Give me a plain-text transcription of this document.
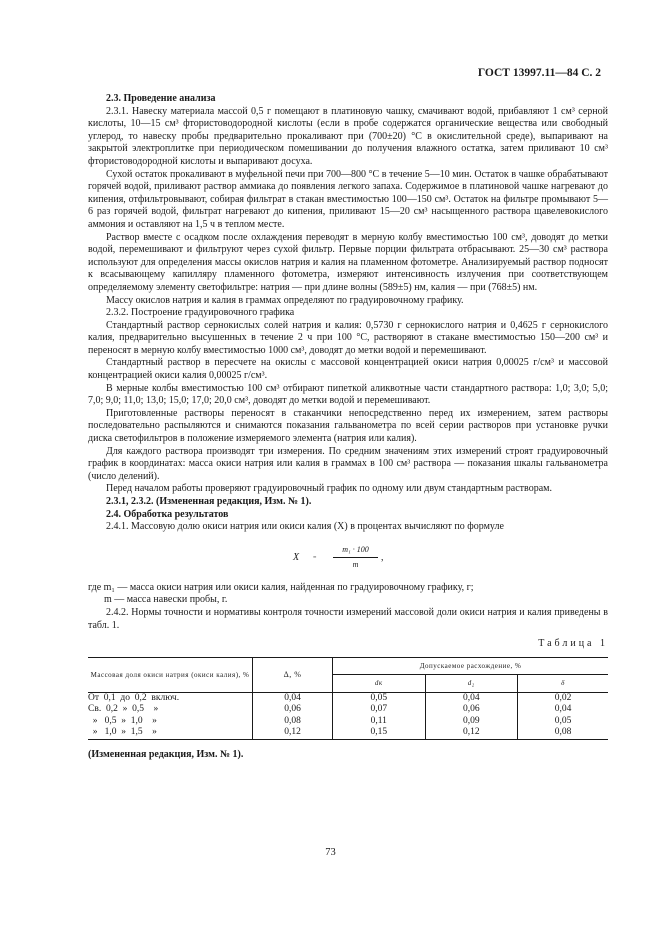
ГОСТ 13997.11—84 С. 2

2.3. Проведение анализа

2.3.1. Навеску материала массой 0,5 г помещают в платиновую чашку, смачивают водой, прибавляют 1 см³ серной кислоты, 10—15 см³ фтористоводородной кислоты (если в пробе содержатся органические вещества или свободный углерод, то навеску пробы предварительно прокаливают при (700±20) °С в окислительной среде), выпаривают на закрытой электроплитке при периодическом помешивании до получения влажного остатка, затем приливают 10 см³ фтористоводородной кислоты и выпаривают досуха.

Сухой остаток прокаливают в муфельной печи при 700—800 °С в течение 5—10 мин. Остаток в чашке обрабатывают горячей водой, приливают раствор аммиака до появления легкого запаха. Содержимое в платиновой чашке нагревают до кипения, отфильтровывают, собирая фильтрат в стакан вместимостью 100—150 см³. Остаток на фильтре промывают 5—6 раз горячей водой, фильтрат нагревают до кипения, приливают 15—20 см³ насыщенного раствора щавелевокислого аммония и оставляют на 1,5 ч в теплом месте.

Раствор вместе с осадком после охлаждения переводят в мерную колбу вместимостью 100 см³, доводят до метки водой, перемешивают и фильтруют через сухой фильтр. Первые порции фильтрата отбрасывают. 25—30 см³ раствора используют для определения массы окислов натрия и калия на пламенном фотометре. Анализируемый раствор подносят к всасывающему капилляру пламенного фотометра, измеряют интенсивность излучения при соответствующем определяемому элементу светофильтре: натрия — при длине волны (589±5) нм, калия — при (768±5) нм.

Массу окислов натрия и калия в граммах определяют по градуировочному графику.

2.3.2. Построение градуировочного графика

Стандартный раствор сернокислых солей натрия и калия: 0,5730 г сернокислого натрия и 0,4625 г сернокислого калия, предварительно высушенных в течение 2 ч при 100 °С, растворяют в стакане вместимостью 150—200 см³ и переносят в мерную колбу вместимостью 1000 см³, доводят до метки водой и перемешивают.

Стандартный раствор в пересчете на окислы с массовой концентрацией окиси натрия 0,00025 г/см³ и массовой концентрацией окиси калия 0,00025 г/см³.

В мерные колбы вместимостью 100 см³ отбирают пипеткой аликвотные части стандартного раствора: 1,0; 3,0; 5,0; 7,0; 9,0; 11,0; 13,0; 15,0; 17,0; 20,0 см³, доводят до метки водой и перемешивают.

Приготовленные растворы переносят в стаканчики непосредственно перед их измерением, затем растворы последовательно распыляются и снимаются показания гальванометра по всей серии растворов при установке ручки диска светофильтров в положение измеряемого элемента (натрия или калия).

Для каждого раствора производят три измерения. По средним значениям этих измерений строят градуировочный график в координатах: масса окиси натрия или калия в граммах в 100 см³ раствора — показания шкалы гальванометра (число делений).

Перед началом работы проверяют градуировочный график по одному или двум стандартным растворам.

2.3.1, 2.3.2. (Измененная редакция, Изм. № 1).

2.4. Обработка результатов

2.4.1. Массовую долю окиси натрия или окиси калия (X) в процентах вычисляют по формуле

$X = \frac{\text{m₁ · 100}}{m}$ ,
где m₁ — масса окиси натрия или окиси калия, найденная по градуировочному графику, г;
m — масса навески пробы, г.

2.4.2. Нормы точности и нормативы контроля точности измерений массовой доли окиси натрия и калия приведены в табл. 1.

Таблица 1
Массовая доля окиси натрия (окиси калия), %	Δ, %	Допускаемое расхождение, %		
		dк	d₂	δ
От  0,1  до  0,2  включ.	0,04	0,05	0,04	0,02
Св.  0,2  »  0,5    »	0,06	0,07	0,06	0,04
»   0,5  »  1,0    »	0,08	0,11	0,09	0,05
»   1,0  »  1,5    »	0,12	0,15	0,12	0,08

(Измененная редакция, Изм. № 1).

73
